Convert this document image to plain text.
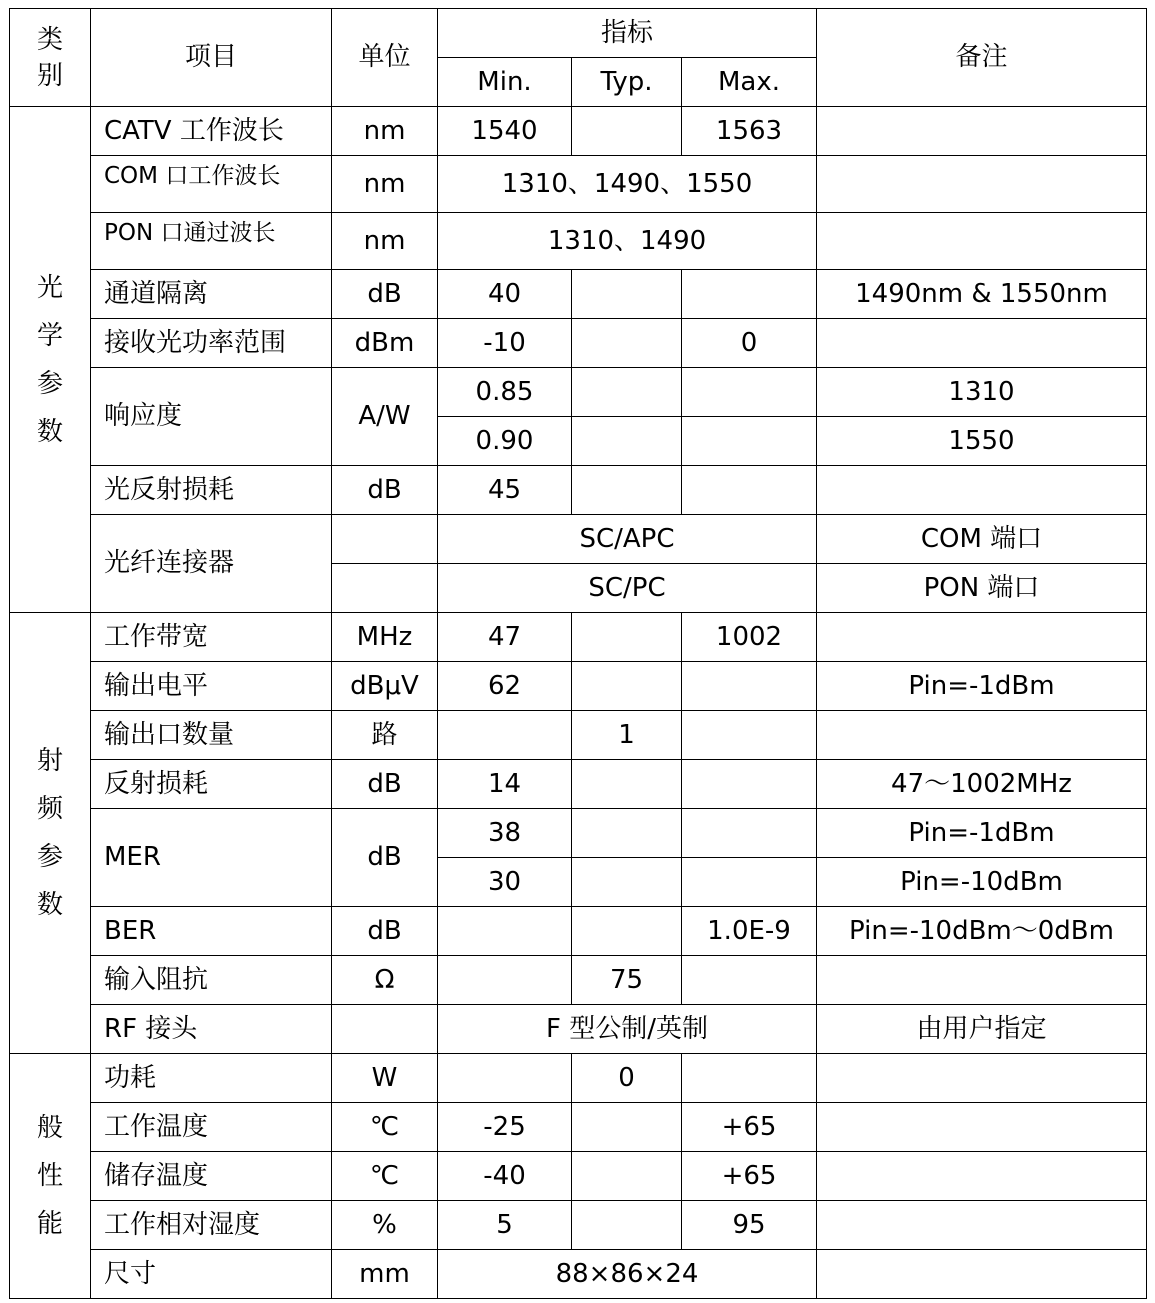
类
别	项目	单位	指标			备注
			Min.	Typ.	Max.	

光
学
参
数	CATV 工作波长	nm	1540		1563	
	COM 口工作波长	nm	1310、1490、1550			
	PON 口通过波长	nm	1310、1490			
	通道隔离	dB	40			1490nm & 1550nm
	接收光功率范围	dBm	-10		0	
	响应度	A/W	0.85			1310
			0.90			1550
	光反射损耗	dB	45			
	光纤连接器		SC/APC			COM 端口
			SC/PC			PON 端口

射
频
参
数	工作带宽	MHz	47		1002	
	输出电平	dBμV	62			Pin=-1dBm
	输出口数量	路		1		
	反射损耗	dB	14			47～1002MHz
	MER	dB	38			Pin=-1dBm
			30			Pin=-10dBm
	BER	dB			1.0E-9	Pin=-10dBm～0dBm
	输入阻抗	Ω		75		
	RF 接头		F 型公制/英制			由用户指定

般
性
能	功耗	W		0		
	工作温度	℃	-25		+65	
	储存温度	℃	-40		+65	
	工作相对湿度	%	5		95	
	尺寸	mm	88×86×24			
